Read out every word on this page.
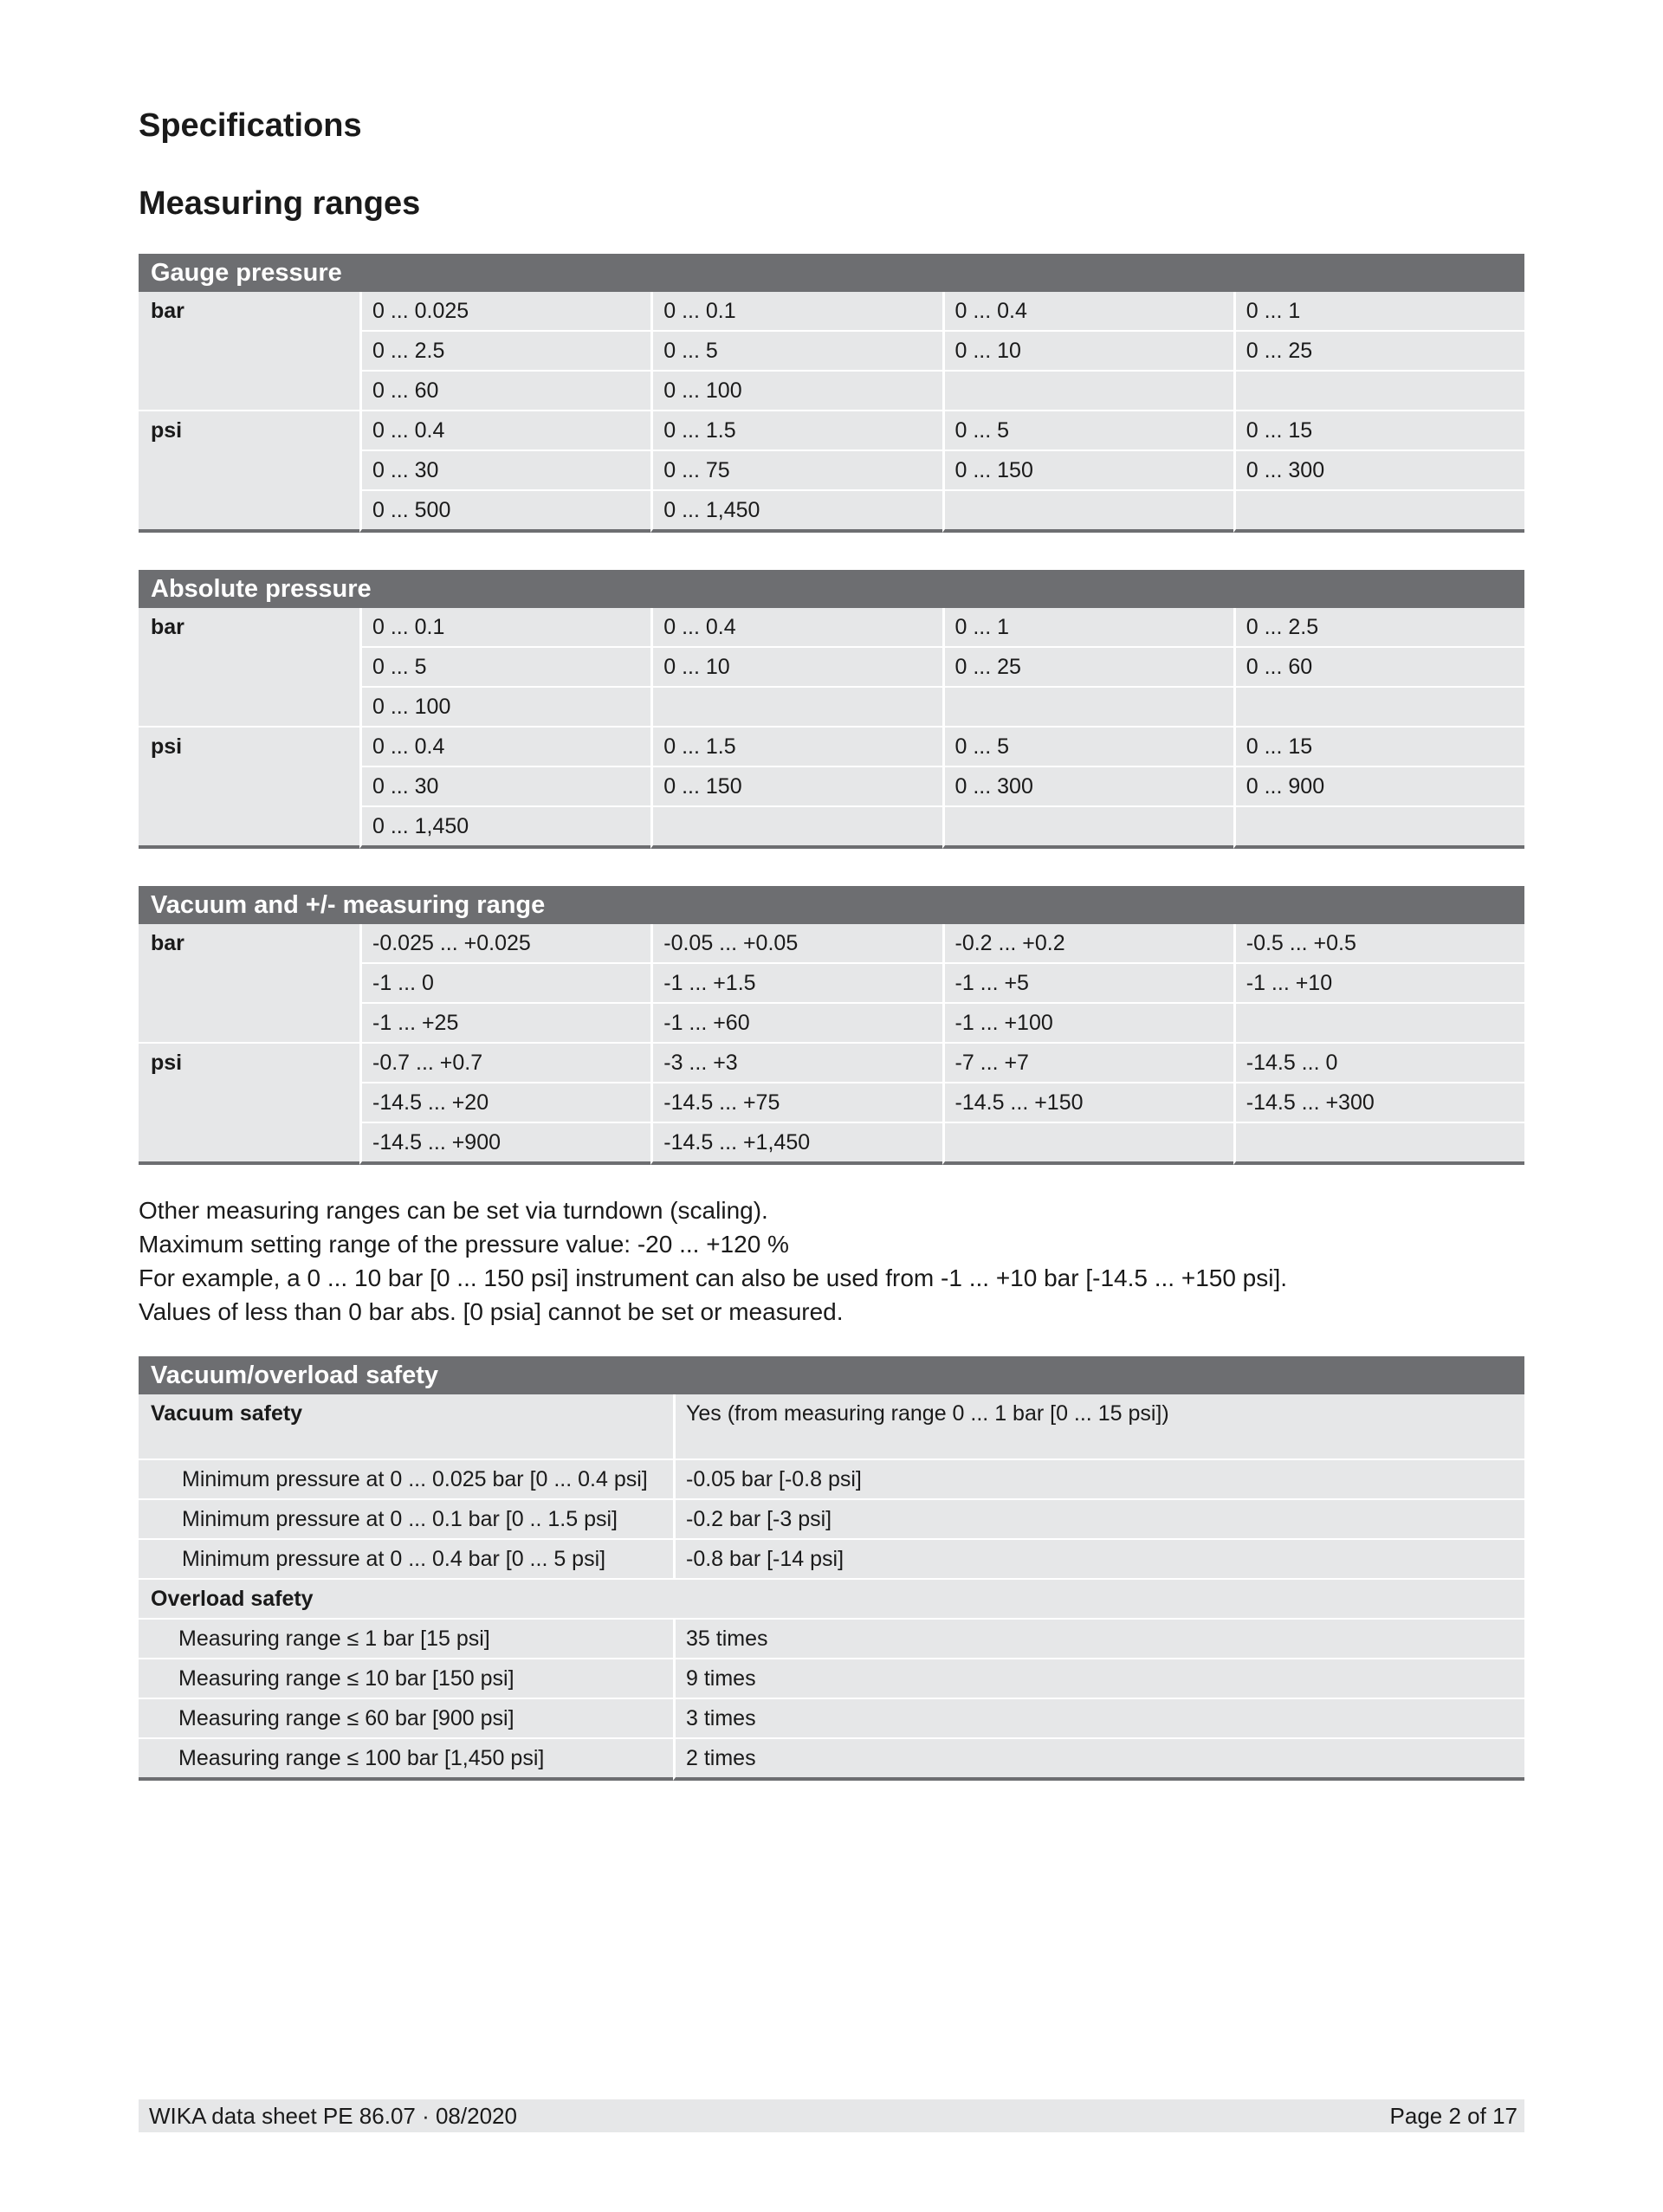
Specifications
Measuring ranges
Gauge pressure				
bar	0 ... 0.025	0 ... 0.1	0 ... 0.4	0 ... 1
	0 ... 2.5	0 ... 5	0 ... 10	0 ... 25
	0 ... 60	0 ... 100		
psi	0 ... 0.4	0 ... 1.5	0 ... 5	0 ... 15
	0 ... 30	0 ... 75	0 ... 150	0 ... 300
	0 ... 500	0 ... 1,450		
Absolute pressure				
bar	0 ... 0.1	0 ... 0.4	0 ... 1	0 ... 2.5
	0 ... 5	0 ... 10	0 ... 25	0 ... 60
	0 ... 100			
psi	0 ... 0.4	0 ... 1.5	0 ... 5	0 ... 15
	0 ... 30	0 ... 150	0 ... 300	0 ... 900
	0 ... 1,450			
Vacuum and +/- measuring range				
bar	-0.025 ... +0.025	-0.05 ... +0.05	-0.2 ... +0.2	-0.5 ... +0.5
	-1 ... 0	-1 ... +1.5	-1 ... +5	-1 ... +10
	-1 ... +25	-1 ... +60	-1 ... +100	
psi	-0.7 ... +0.7	-3 ... +3	-7 ... +7	-14.5 ... 0
	-14.5 ... +20	-14.5 ... +75	-14.5 ... +150	-14.5 ... +300
	-14.5 ... +900	-14.5 ... +1,450		
Other measuring ranges can be set via turndown (scaling).
Maximum setting range of the pressure value: -20 ... +120 %
For example, a 0 ... 10 bar [0 ... 150 psi] instrument can also be used from -1 ... +10 bar [-14.5 ... +150 psi].
Values of less than 0 bar abs. [0 psia] cannot be set or measured.
Vacuum/overload safety	
Vacuum safety	Yes (from measuring range 0 ... 1 bar [0 ... 15 psi])
Minimum pressure at 0 ... 0.025 bar [0 ... 0.4 psi]	-0.05 bar [-0.8 psi]
Minimum pressure at 0 ... 0.1 bar [0 .. 1.5 psi]	-0.2 bar [-3 psi]
Minimum pressure at 0 ... 0.4 bar [0 ... 5 psi]	-0.8 bar [-14 psi]
Overload safety	
Measuring range ≤ 1 bar [15 psi]	35 times
Measuring range ≤ 10 bar [150 psi]	9 times
Measuring range ≤ 60 bar [900 psi]	3 times
Measuring range ≤ 100 bar [1,450 psi]	2 times
WIKA data sheet PE 86.07 · 08/2020	Page 2 of 17
